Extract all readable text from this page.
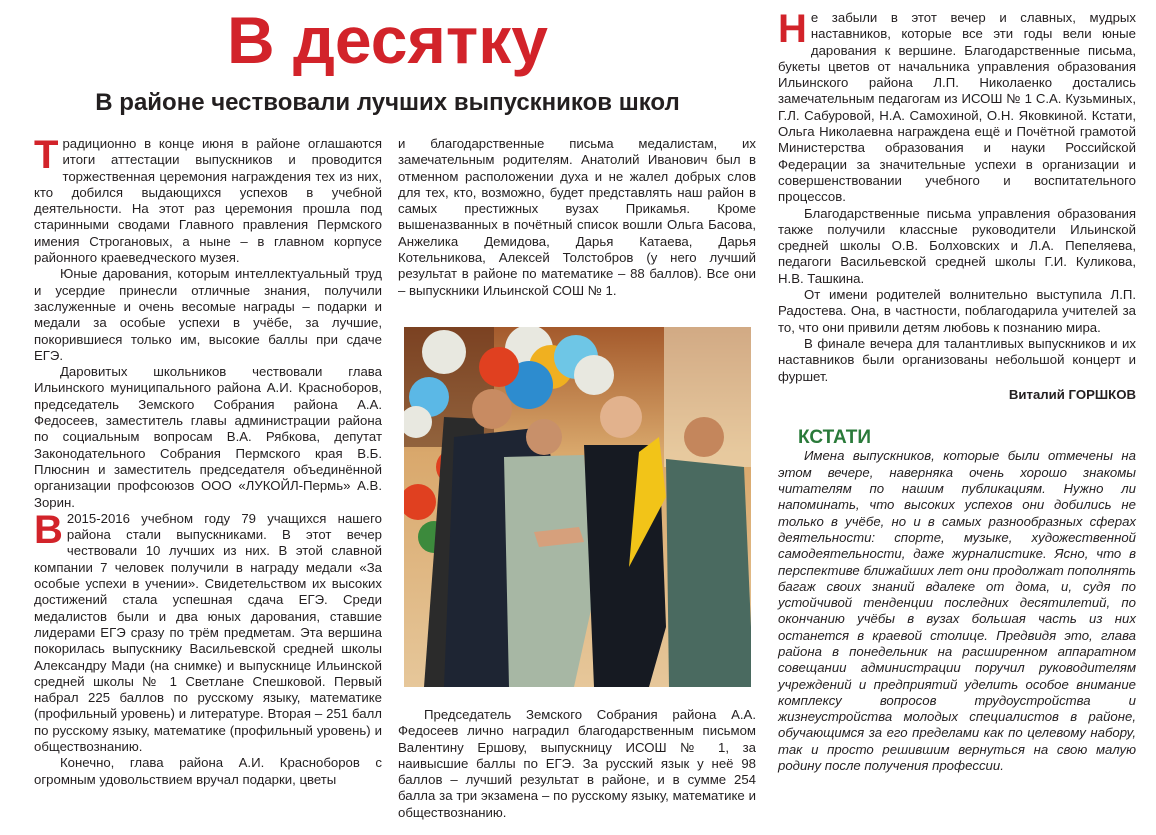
В десятку
В районе чествовали лучших выпускников школ

Традиционно в конце июня в районе оглашаются итоги аттестации выпускников и проводится торжественная церемония награждения тех из них, кто добился выдающихся успехов в учебной деятельности. На этот раз церемония прошла под старинными сводами Главного правления Пермского имения Строгановых, а ныне – в главном корпусе районного краеведческого музея.

Юные дарования, которым интеллектуальный труд и усердие принесли отличные знания, получили заслуженные и очень весомые награды – подарки и медали за особые успехи в учёбе, за лучшие, покорившиеся только им, высокие баллы при сдаче ЕГЭ.

Даровитых школьников чествовали глава Ильинского муниципального района А.И. Красноборов, председатель Земского Собрания района А.А. Федосеев, заместитель главы администрации района по социальным вопросам В.А. Рябкова, депутат Законодательного Собрания Пермского края В.Б. Плюснин и заместитель председателя объединённой организации профсоюзов ООО «ЛУКОЙЛ-Пермь» А.В. Зорин.

В 2015-2016 учебном году 79 учащихся нашего района стали выпускниками. В этот вечер чествовали 10 лучших из них. В этой славной компании 7 человек получили в награду медали «За особые успехи в учении». Свидетельством их высоких достижений стала успешная сдача ЕГЭ. Среди медалистов были и два юных дарования, ставшие лидерами ЕГЭ сразу по трём предметам. Эта вершина покорилась выпускнику Васильевской средней школы Александру Мади (на снимке) и выпускнице Ильинской средней школы № 1 Светлане Спешковой. Первый набрал 225 баллов по русскому языку, математике (профильный уровень) и литературе. Вторая – 251 балл по русскому языку, математике (профильный уровень) и обществознанию.

Конечно, глава района А.И. Красноборов с огромным удовольствием вручал подарки, цветы

и благодарственные письма медалистам, их замечательным родителям. Анатолий Иванович был в отменном расположении духа и не жалел добрых слов для тех, кто, возможно, будет представлять наш район в самых престижных вузах Прикамья. Кроме вышеназванных в почётный список вошли Ольга Басова, Анжелика Демидова, Дарья Катаева, Дарья Котельникова, Алексей Толстобров (у него лучший результат в районе по математике – 88 баллов). Все они – выпускники Ильинской СОШ № 1.

Председатель Земского Собрания района А.А. Федосеев лично наградил благодарственным письмом Валентину Ершову, выпускницу ИСОШ № 1, за наивысшие баллы по ЕГЭ. За русский язык у неё 98 баллов – лучший результат в районе, и в сумме 254 балла за три экзамена – по русскому языку, математике и обществознанию.

Не забыли в этот вечер и славных, мудрых наставников, которые все эти годы вели юные дарования к вершине. Благодарственные письма, букеты цветов от начальника управления образования Ильинского района Л.П. Николаенко достались замечательным педагогам из ИСОШ № 1 С.А. Кузьминых, Г.Л. Сабуровой, Н.А. Самохиной, О.Н. Яковкиной. Кстати, Ольга Николаевна награждена ещё и Почётной грамотой Министерства образования и науки Российской Федерации за значительные успехи в организации и совершенствовании учебного и воспитательного процессов.

Благодарственные письма управления образования также получили классные руководители Ильинской средней школы О.В. Болховских и Л.А. Пепеляева, педагоги Васильевской средней школы Г.И. Куликова, Н.В. Ташкина.

От имени родителей волнительно выступила Л.П. Радостева. Она, в частности, поблагодарила учителей за то, что они привили детям любовь к познанию мира.

В финале вечера для талантливых выпускников и их наставников были организованы небольшой концерт и фуршет.

Виталий ГОРШКОВ
КСТАТИ

Имена выпускников, которые были отмечены на этом вечере, наверняка очень хорошо знакомы читателям по нашим публикациям. Нужно ли напоминать, что высоких успехов они добились не только в учёбе, но и в самых разнообразных сферах деятельности: спорте, музыке, художественной самодеятельности, даже журналистике. Ясно, что в перспективе ближайших лет они продолжат пополнять багаж своих знаний вдалеке от дома, и, судя по устойчивой тенденции последних десятилетий, по окончанию учёбы в вузах большая часть из них останется в краевой столице. Предвидя это, глава района в понедельник на расширенном аппаратном совещании администрации поручил руководителям учреждений и предприятий уделить особое внимание комплексу вопросов трудоустройства и жизнеустройства молодых специалистов в районе, обучающимся за его пределами как по целевому набору, так и просто решившим вернуться на свою малую родину после получения профессии.
